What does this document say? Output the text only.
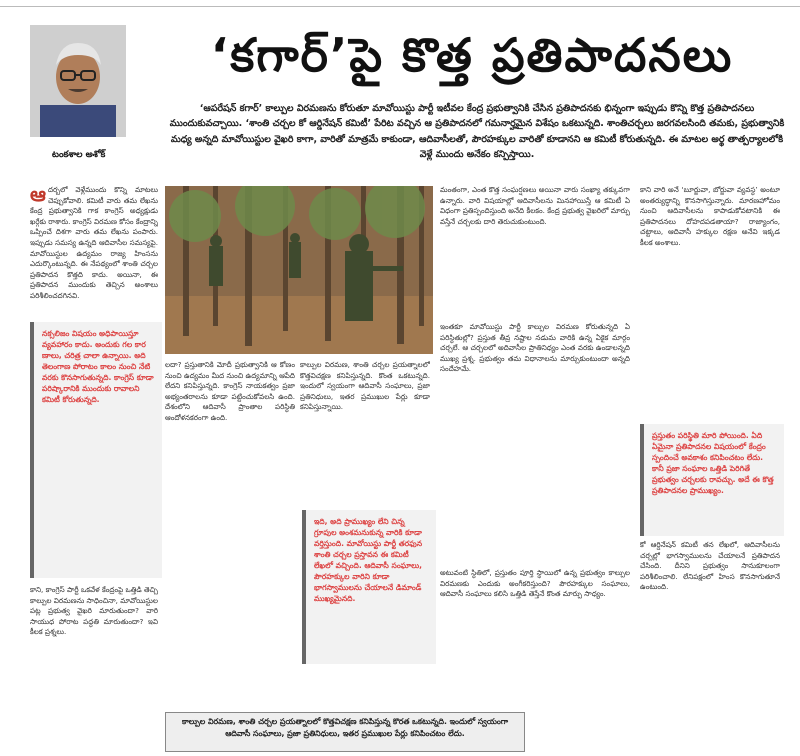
టంకశాల అశోక్
‘కగార్’పై కొత్త ప్రతిపాదనలు
‘ఆపరేషన్ కగార్’ కాల్పుల విరమణను కోరుతూ మావోయిస్టు పార్టీ ఇటీవల కేంద్ర ప్రభుత్వానికి చేసిన ప్రతిపాదనకు భిన్నంగా ఇప్పుడు కొన్ని కొత్త ప్రతిపాదనలు ముందుకువచ్చాయి. ‘శాంతి చర్చల కో ఆర్డినేషన్ కమిటీ’ పేరిట వచ్చిన ఆ ప్రతిపాదనలో గమనార్హమైన విశేషం ఒకటున్నది. శాంతిచర్చలు జరగవలసింది తమకు, ప్రభుత్వానికి మధ్య అన్నది మావోయిస్టుల వైఖరి కాగా, వారితో మాత్రమే కాకుండా, ఆదివాసీలతో, పౌరహక్కుల వారితో కూడానని ఆ కమిటీ కోరుతున్నది. ఈ మాటల అర్థ తాత్పర్యాలలోకి వెళ్లే ముందు అనేకం కన్పిస్తాయి.
ఆదర్బలో వెళ్లేముందు కొన్ని మాటలు చెప్పుకోవాలి. కమిటీ వారు తమ లేఖను కేంద్ర ప్రభుత్వానికి గాక కాంగ్రెస్ అధ్యక్షుడు ఖర్గేకు రాశారు. కాంగ్రెస్ విరమణ కోసం కేంద్రాన్ని ఒప్పించే దిశగా వారు తమ లేఖను పంపారు. ఇప్పుడు సమస్య ఉన్నది ఆదివాసీల సమస్యపై. మావోయిస్టుల ఉద్యమం రాజ్య హింసను ఎదుర్కొంటున్నది. ఈ నేపథ్యంలో శాంతి చర్చల ప్రతిపాదన కొత్తది కాదు. అయినా, ఈ ప్రతిపాదన ముందుకు తెచ్చిన అంశాలు పరిశీలించదగినవి.
నక్సలిజం విషయం అధిపాయిస్తూ వ్యవహారం కాదు. అందుకు గల కార ణాలు, చరిత్ర చాలా ఉన్నాయి. అది తెలంగాణ పోరాటం కాలం నుంచి నేటి వరకు కొనసాగుతున్నది. కాంగ్రెస్ కూడా పరిష్కారానికి ముందుకు రావాలని కమిటీ కోరుతున్నది.
కాని, కాంగ్రెస్ పార్టీ ఒకవేళ కేంద్రంపై ఒత్తిడి తెచ్చి కాల్పుల విరమణను సాధించినా, మావోయిస్టుల పట్ల ప్రభుత్వ వైఖరి మారుతుందా? వారి సాయుధ పోరాట పద్ధతి మారుతుందా? ఇవి కీలక ప్రశ్నలు.
లదా? ప్రస్తుతానికి మోదీ ప్రభుత్వానికి ఆ కోణం నుంచి ఉద్యమం మీద నుంచి ఉద్యమాన్ని ఆపేది లేదని కనిపిస్తున్నది. కాంగ్రెస్ నాయకత్వం ప్రజా అభ్యంతరాలను కూడా పట్టించుకోవలసి ఉంది. దేశంలోని ఆదివాసీ ప్రాంతాల పరిస్థితి ఆందోళనకరంగా ఉంది.
కాల్పుల విరమణ, శాంతి చర్చల ప్రయత్నాలలో కొత్తవిచక్షణ కనిపిస్తున్నది. కొంత ఒకటున్నది. ఇందులో స్వయంగా ఆదివాసీ సంఘాలు, ప్రజా ప్రతినిధులు, ఇతర ప్రముఖుల పేర్లు కూడా కనిపిస్తున్నాయి.
ఇది, అది ప్రాముఖ్యం లేని చిన్న గ్రూపుల అంశమనుకున్న వారికి కూడా వర్తిస్తుంది. మావోయిస్టు పార్టీ తరఫున శాంతి చర్చల ప్రస్తావన ఈ కమిటీ లేఖలో వచ్చింది. ఆదివాసీ సంఘాలు, పౌరహక్కుల వారిని కూడా భాగస్వాములను చేయాలనే డిమాండ్ ముఖ్యమైనది.
మంతంగా, ఎంత కొత్త సంఘర్షణలు అయినా వారు సంఖ్యా తక్కువగా ఉన్నారు. వారి విషయాల్లో ఆదివాసీలను మినహాయిస్తే ఆ కమిటీ ఏ విధంగా ప్రతిస్పందిస్తుంది అనేది కీలకం. కేంద్ర ప్రభుత్వ వైఖరిలో మార్పు వస్తేనే చర్చలకు దారి తెరుచుకుంటుంది.
ఇంతకూ మావోయిస్టు పార్టీ కాల్పుల విరమణ కోరుతున్నది ఏ పరిస్థితుల్లో? ప్రస్తుత తీవ్ర నష్టాల నడుమ వారికి ఉన్న ఏకైక మార్గం చర్చలే. ఆ చర్చలలో అదివాసీల ప్రాతినిధ్యం ఎంత వరకు ఉండాలన్నది ముఖ్య ప్రశ్న. ప్రభుత్వం తమ విధానాలను మార్చుకుంటుందా అన్నది సందేహమే.
అటువంటి స్థితిలో, ప్రస్తుతం పూర్తి స్థాయిలో ఉన్న ప్రభుత్వం కాల్పుల విరమణకు ఎందుకు అంగీకరిస్తుంది? పౌరహక్కుల సంఘాలు, ఆదివాసీ సంఘాలు కలిసి ఒత్తిడి తెస్తేనే కొంత మార్పు సాధ్యం.
కాని వారి అనే ‘బూర్జువా, బోర్జువా వ్యవస్థ’ అంటూ అంతర్యుద్ధాన్ని కొనసాగిస్తున్నారు. మారణహోమం నుంచి ఆదివాసీలను కాపాడుకోవటానికి ఈ ప్రతిపాదనలు దోహదపడతాయా? రాజ్యాంగం, చట్టాలు, ఆదివాసీ హక్కుల రక్షణ అనేవి ఇక్కడ కీలక అంశాలు.
ప్రస్తుతం పరిస్థితి మారి పోయింది. ఏది ఏమైనా ప్రతిపాదనల విషయంలో కేంద్రం స్పందించే అవకాశం కనిపించటం లేదు. కానీ ప్రజా సంఘాల ఒత్తిడి పెరిగితే ప్రభుత్వం చర్చలకు రావచ్చు. అదే ఈ కొత్త ప్రతిపాదనల ప్రాముఖ్యం.
కో ఆర్డినేషన్ కమిటీ తన లేఖలో, ఆదివాసీలను చర్చల్లో భాగస్వాములను చేయాలనే ప్రతిపాదన చేసింది. దీనిని ప్రభుత్వం సానుకూలంగా పరిశీలించాలి. లేనిపక్షంలో హింస కొనసాగుతూనే ఉంటుంది.
కాల్పుల విరమణ, శాంతి చర్చల ప్రయత్నాలలో కొత్తవిచక్షణ కనిపిస్తున్న కొరత ఒకటున్నది. ఇందులో స్వయంగా ఆదివాసీ సంఘాలు, ప్రజా ప్రతినిధులు, ఇతర ప్రముఖుల పేర్లు కనిపించటం లేదు.
